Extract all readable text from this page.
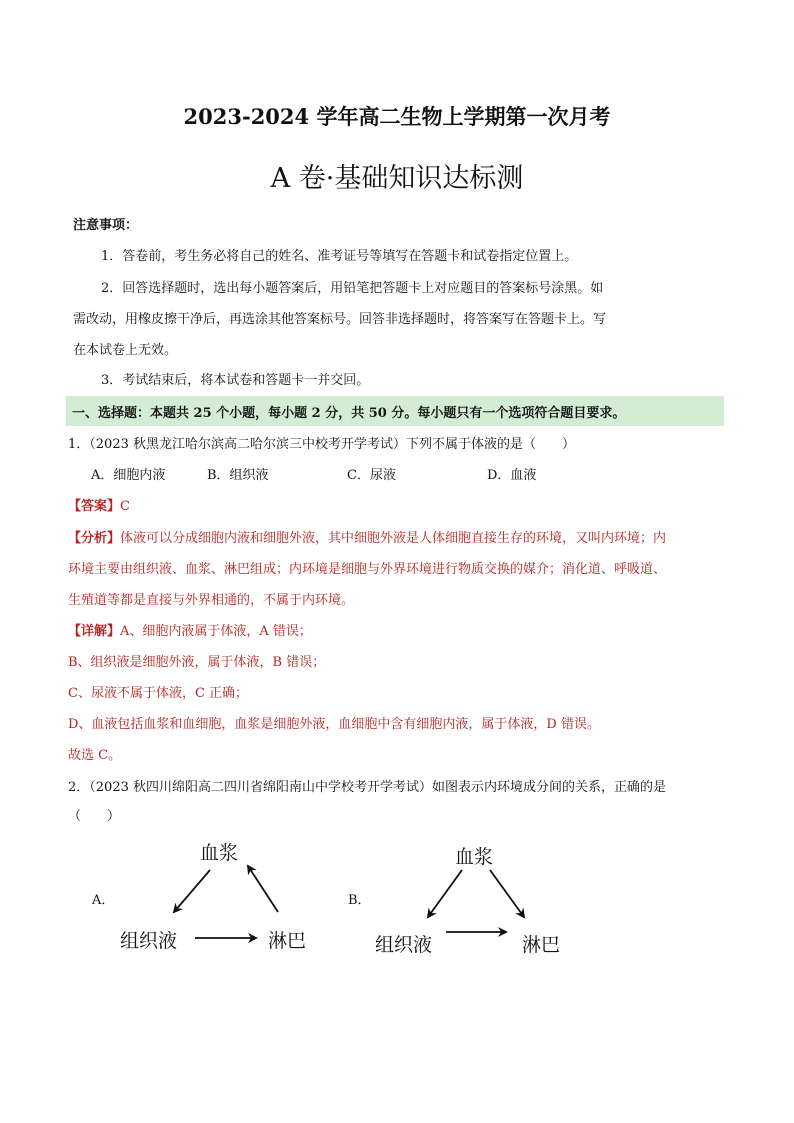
2023-2024 学年高二生物上学期第一次月考
A 卷·基础知识达标测
注意事项：
1．答卷前，考生务必将自己的姓名、准考证号等填写在答题卡和试卷指定位置上。
2．回答选择题时，选出每小题答案后，用铅笔把答题卡上对应题目的答案标号涂黑。如
需改动，用橡皮擦干净后，再选涂其他答案标号。回答非选择题时，将答案写在答题卡上。写
在本试卷上无效。
3．考试结束后，将本试卷和答题卡一并交回。
一、选择题：本题共 25 个小题，每小题 2 分，共 50 分。每小题只有一个选项符合题目要求。
1．（2023 秋黑龙江哈尔滨高二哈尔滨三中校考开学考试）下列不属于体液的是（　　）
A．细胞内液	B．组织液	C．尿液	D．血液
【答案】C
【分析】体液可以分成细胞内液和细胞外液，其中细胞外液是人体细胞直接生存的环境，又叫内环境；内
环境主要由组织液、血浆、淋巴组成；内环境是细胞与外界环境进行物质交换的媒介；消化道、呼吸道、
生殖道等都是直接与外界相通的，不属于内环境。
【详解】A、细胞内液属于体液，A 错误；
B、组织液是细胞外液，属于体液，B 错误；
C、尿液不属于体液，C 正确；
D、血液包括血浆和血细胞，血浆是细胞外液，血细胞中含有细胞内液，属于体液，D 错误。
故选 C。
2．（2023 秋四川绵阳高二四川省绵阳南山中学校考开学考试）如图表示内环境成分间的关系，正确的是
（　　）
A．
血浆
组织液	淋巴
B．
血浆
组织液	淋巴
